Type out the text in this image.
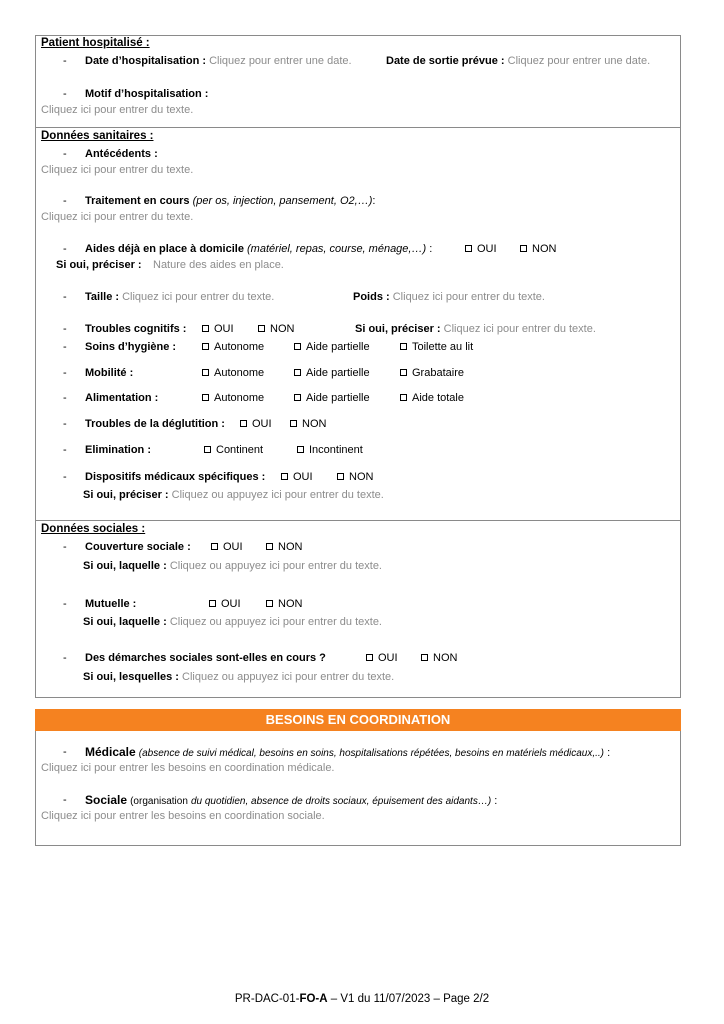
Patient hospitalisé :
- Date d’hospitalisation : Cliquez pour entrer une date.	Date de sortie prévue : Cliquez pour entrer une date.
- Motif d’hospitalisation :
Cliquez ici pour entrer du texte.
Données sanitaires :
- Antécédents :
Cliquez ici pour entrer du texte.
- Traitement en cours (per os, injection, pansement, O2,…):
Cliquez ici pour entrer du texte.
- Aides déjà en place à domicile (matériel, repas, course, ménage,…) :	OUI	NON
Si oui, préciser : Nature des aides en place.
- Taille : Cliquez ici pour entrer du texte.	Poids : Cliquez ici pour entrer du texte.
- Troubles cognitifs :	OUI	NON	Si oui, préciser : Cliquez ici pour entrer du texte.
- Soins d’hygiène :	Autonome	Aide partielle	Toilette au lit
- Mobilité :	Autonome	Aide partielle	Grabataire
- Alimentation :	Autonome	Aide partielle	Aide totale
- Troubles de la déglutition :	OUI	NON
- Elimination :	Continent	Incontinent
- Dispositifs médicaux spécifiques :	OUI	NON
Si oui, préciser : Cliquez ou appuyez ici pour entrer du texte.
Données sociales :
- Couverture sociale :	OUI	NON
Si oui, laquelle : Cliquez ou appuyez ici pour entrer du texte.
- Mutuelle :	OUI	NON
Si oui, laquelle : Cliquez ou appuyez ici pour entrer du texte.
- Des démarches sociales sont-elles en cours ?	OUI	NON
Si oui, lesquelles : Cliquez ou appuyez ici pour entrer du texte.
BESOINS EN COORDINATION
- Médicale (absence de suivi médical, besoins en soins, hospitalisations répétées, besoins en matériels médicaux,..) :
Cliquez ici pour entrer les besoins en coordination médicale.
- Sociale (organisation du quotidien, absence de droits sociaux, épuisement des aidants…) :
Cliquez ici pour entrer les besoins en coordination sociale.
PR-DAC-01-FO-A – V1 du 11/07/2023 – Page 2/2
